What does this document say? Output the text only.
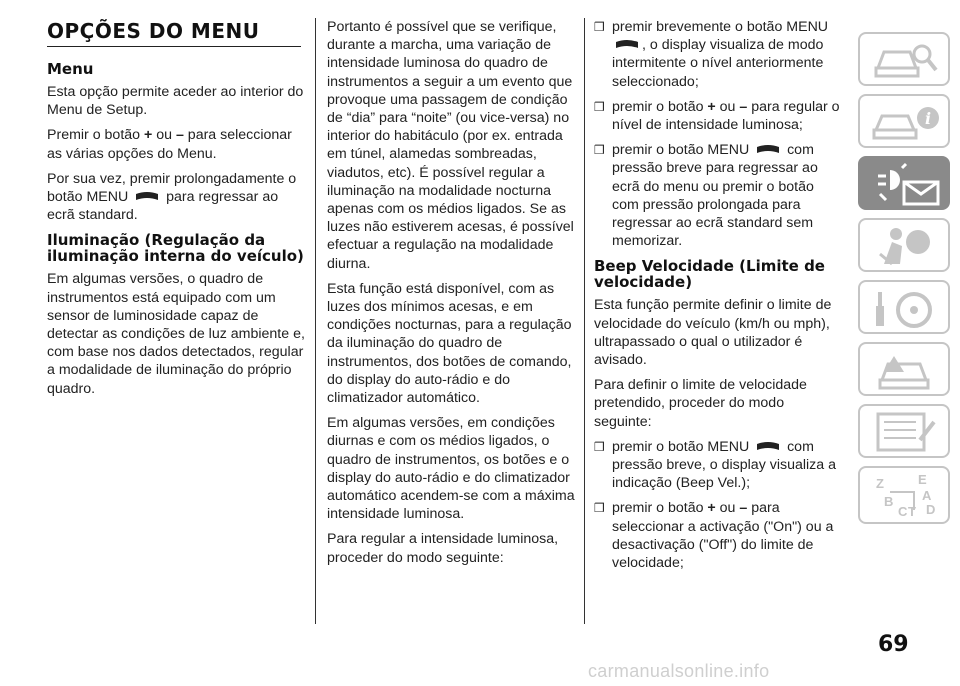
OPÇÕES DO MENU
Menu

Esta opção permite aceder ao interior do Menu de Setup.

Premir o botão + ou – para seleccionar as várias opções do Menu.

Por sua vez, premir prolongadamente o botão MENU  para regressar ao ecrã standard.

Iluminação (Regulação da iluminação interna do veículo)

Em algumas versões, o quadro de instrumentos está equipado com um sensor de luminosidade capaz de detectar as condições de luz ambiente e, com base nos dados detectados, regular a modalidade de iluminação do próprio quadro.

Portanto é possível que se verifique, durante a marcha, uma variação de intensidade luminosa do quadro de instrumentos a seguir a um evento que provoque uma passagem de condição de “dia” para “noite” (ou vice-versa) no interior do habitáculo (por ex. entrada em túnel, alamedas sombreadas, viadutos, etc). É possível regular a iluminação na modalidade nocturna apenas com os médios ligados. Se as luzes não estiverem acesas, é possível efectuar a regulação na modalidade diurna.

Esta função está disponível, com as luzes dos mínimos acesas, e em condições nocturnas, para a regulação da iluminação do quadro de instrumentos, dos botões de comando, do display do auto-rádio e do climatizador automático.

Em algumas versões, em condições diurnas e com os médios ligados, o quadro de instrumentos, os botões e o display do auto-rádio e do climatizador automático acendem-se com a máxima intensidade luminosa.

Para regular a intensidade luminosa, proceder do modo seguinte:

❒ premir brevemente o botão MENU
, o display visualiza de modo intermitente o nível anteriormente seleccionado;
❒ premir o botão + ou – para regular o nível de intensidade luminosa;
❒ premir o botão MENU  com pressão breve para regressar ao ecrã do menu ou premir o botão com pressão prolongada para regressar ao ecrã standard sem memorizar.
Beep Velocidade (Limite de velocidade)

Esta função permite definir o limite de velocidade do veículo (km/h ou mph), ultrapassado o qual o utilizador é avisado.

Para definir o limite de velocidade pretendido, proceder do modo seguinte:

❒ premir o botão MENU  com pressão breve, o display visualiza a indicação (Beep Vel.);
❒ premir o botão + ou – para seleccionar a activação ("On") ou a desactivação ("Off") do limite de velocidade;
i
Z	E
A
B
C T D
69
carmanualsonline.info
